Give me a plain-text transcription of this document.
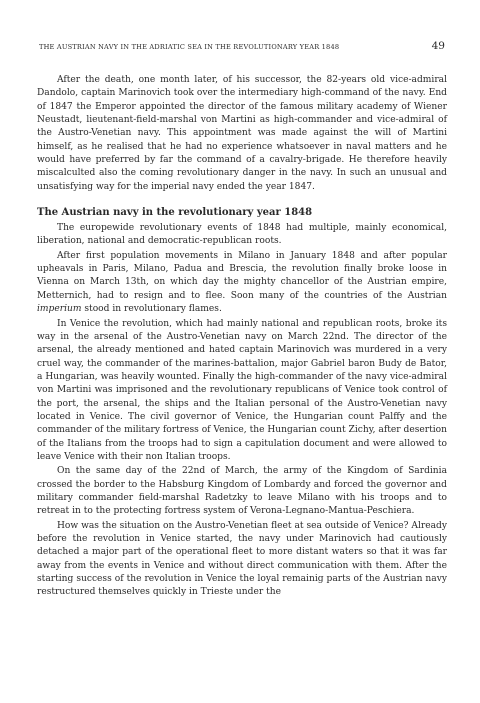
THE AUSTRIAN NAVY IN THE ADRIATIC SEA IN THE REVOLUTIONARY YEAR 1848	49

After the death, one month later, of his successor, the 82-years old vice-admiral Dandolo, captain Marinovich took over the intermediary high-command of the navy. End of 1847 the Emperor appointed the director of the famous military academy of Wiener Neustadt, lieutenant-field-marshal von Martini as high-commander and vice-admiral of the Austro-Venetian navy. This appointment was made against the will of Martini himself, as he realised that he had no experience whatsoever in naval matters and he would have preferred by far the command of a cavalry-brigade. He therefore heavily miscalculted also the coming revolutionary danger in the navy. In such an unusual and unsatisfying way for the imperial navy ended the year 1847.

The Austrian navy in the revolutionary year 1848

The europewide revolutionary events of 1848 had multiple, mainly economical, liberation, national and democratic-republican roots.

After first population movements in Milano in January 1848 and after popular upheavals in Paris, Milano, Padua and Brescia, the revolution finally broke loose in Vienna on March 13th, on which day the mighty chancellor of the Austrian empire, Metternich, had to resign and to flee. Soon many of the countries of the Austrian imperium stood in revolutionary flames.

In Venice the revolution, which had mainly national and republican roots, broke its way in the arsenal of the Austro-Venetian navy on March 22nd. The director of the arsenal, the already mentioned and hated captain Marinovich was murdered in a very cruel way, the commander of the marines-battalion, major Gabriel baron Budy de Bator, a Hungarian, was heavily wounted. Finally the high-commander of the navy vice-admiral von Martini was imprisoned and the revolutionary republicans of Venice took control of the port, the arsenal, the ships and the Italian personal of the Austro-Venetian navy located in Venice. The civil governor of Venice, the Hungarian count Palffy and the commander of the military fortress of Venice, the Hungarian count Zichy, after desertion of the Italians from the troops had to sign a capitulation document and were allowed to leave Venice with their non Italian troops.

On the same day of the 22nd of March, the army of the Kingdom of Sardinia crossed the border to the Habsburg Kingdom of Lombardy and forced the governor and military commander field-marshal Radetzky to leave Milano with his troops and to retreat in to the protecting fortress system of Verona-Legnano-Mantua-Peschiera.

How was the situation on the Austro-Venetian fleet at sea outside of Venice? Already before the revolution in Venice started, the navy under Marinovich had cautiously detached a major part of the operational fleet to more distant waters so that it was far away from the events in Venice and without direct communication with them. After the starting success of the revolution in Venice the loyal remainig parts of the Austrian navy restructured themselves quickly in Trieste under the
